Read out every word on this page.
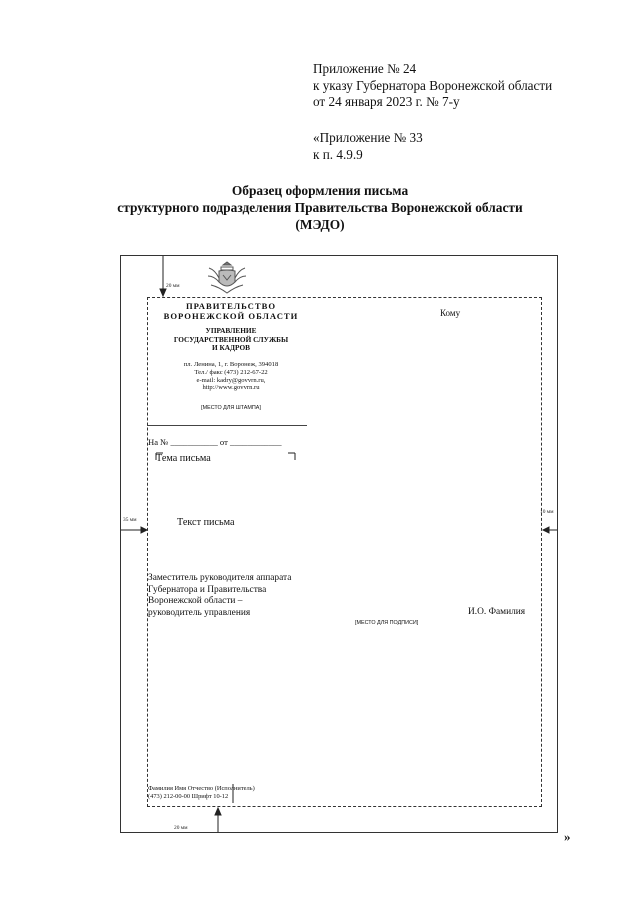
Приложение № 24
к указу Губернатора Воронежской области
от 24 января 2023 г. № 7-у
«Приложение № 33
к п. 4.9.9
Образец оформления письма
структурного подразделения Правительства Воронежской области
(МЭДО)
20 мм
35 мм
10 мм
20 мм
ПРАВИТЕЛЬСТВО
ВОРОНЕЖСКОЙ ОБЛАСТИ
УПРАВЛЕНИЕ
ГОСУДАРСТВЕННОЙ СЛУЖБЫ
И КАДРОВ
пл. Ленина, 1, г. Воронеж, 394018
Тел./ факс (473) 212-67-22
e-mail: kadry@govvrn.ru,
http://www.govvrn.ru
[МЕСТО ДЛЯ ШТАМПА]
Кому
На № ___________ от ____________
Тема письма
Текст письма
Заместитель руководителя аппарата
Губернатора и Правительства
Воронежской области –
руководитель управления
[МЕСТО ДЛЯ ПОДПИСИ]
И.О. Фамилия
Фамилия Имя Отчество (Исполнитель)
(473) 212-00-00 Шрифт 10-12
»
